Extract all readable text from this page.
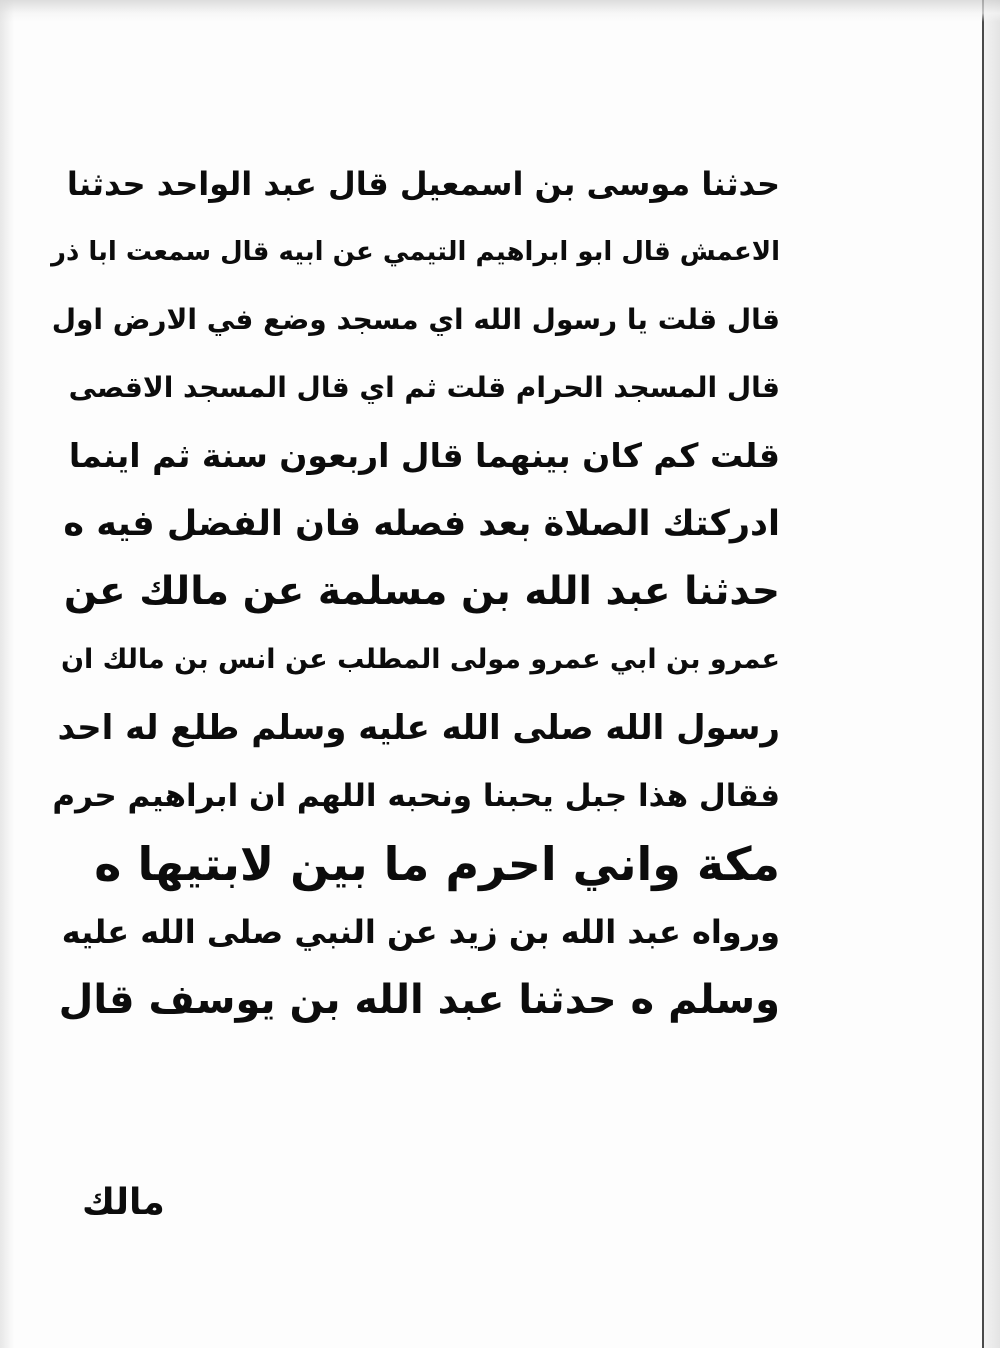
حدثنا موسى بن اسمعيل قال عبد الواحد حدثنا
الاعمش قال ابو ابراهيم التيمي عن ابيه قال سمعت ابا ذر
قال قلت يا رسول الله اي مسجد وضع في الارض اول
قال المسجد الحرام قلت ثم اي قال المسجد الاقصى
قلت كم كان بينهما قال اربعون سنة ثم اينما
ادركتك الصلاة بعد فصله فان الفضل فيه ه
حدثنا عبد الله بن مسلمة عن مالك عن
عمرو بن ابي عمرو مولى المطلب عن انس بن مالك ان
رسول الله صلى الله عليه وسلم طلع له احد
فقال هذا جبل يحبنا ونحبه اللهم ان ابراهيم حرم
مكة واني احرم ما بين لابتيها ه
ورواه عبد الله بن زيد عن النبي صلى الله عليه
وسلم ه حدثنا عبد الله بن يوسف قال
مالك
